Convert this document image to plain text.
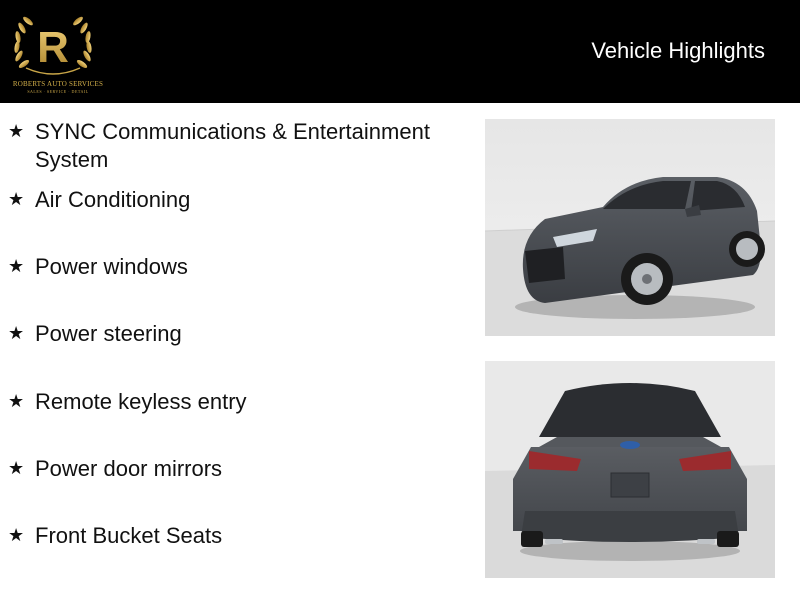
R
ROBERTS AUTO SERVICES
SALES · SERVICE · DETAIL
Vehicle Highlights
★ SYNC Communications & Entertainment System
★ Air Conditioning
★ Power windows
★ Power steering
★ Remote keyless entry
★ Power door mirrors
★ Front Bucket Seats
